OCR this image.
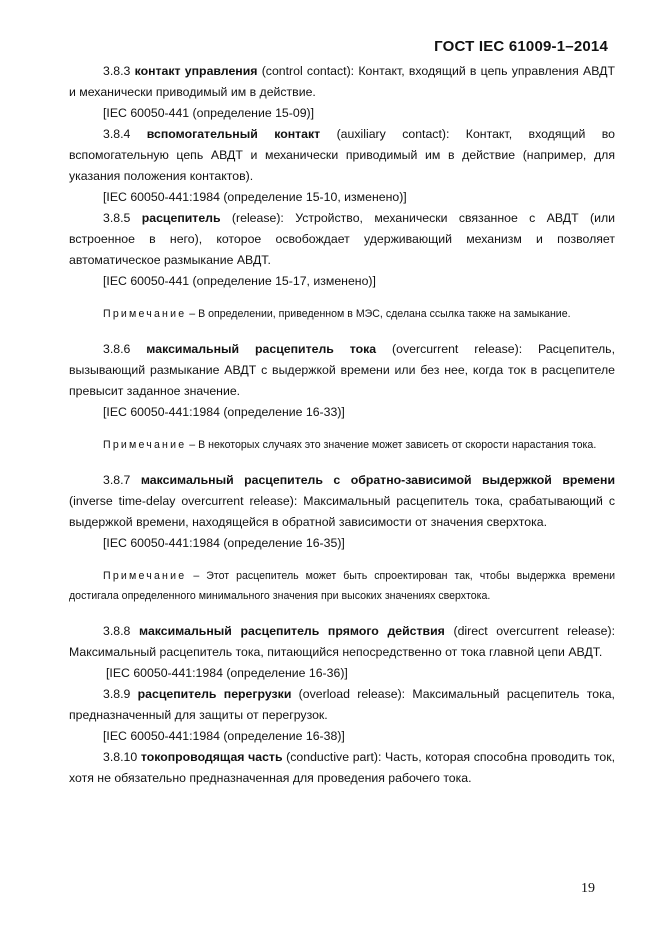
ГОСТ IEC 61009-1–2014

3.8.3 контакт управления (control contact): Контакт, входящий в цепь управления АВДТ и механически приводимый им в действие.

[IEC 60050-441 (определение 15-09)]

3.8.4 вспомогательный контакт (auxiliary contact): Контакт, входящий во вспомогательную цепь АВДТ и механически приводимый им в действие (например, для указания положения контактов).

[IEC 60050-441:1984 (определение 15-10, изменено)]

3.8.5 расцепитель (release): Устройство, механически связанное с АВДТ (или встроенное в него), которое освобождает удерживающий механизм и позволяет автоматическое размыкание АВДТ.

[IEC 60050-441 (определение 15-17, изменено)]

Примечание – В определении, приведенном в МЭС, сделана ссылка также на замыкание.

3.8.6 максимальный расцепитель тока (overcurrent release): Расцепитель, вызывающий размыкание АВДТ с выдержкой времени или без нее, когда ток в расцепителе превысит заданное значение.

[IEC 60050-441:1984 (определение 16-33)]

Примечание – В некоторых случаях это значение может зависеть от скорости нарастания тока.

3.8.7 максимальный расцепитель с обратно-зависимой выдержкой времени (inverse time-delay overcurrent release): Максимальный расцепитель тока, срабатывающий с выдержкой времени, находящейся в обратной зависимости от значения сверхтока.

[IEC 60050-441:1984 (определение 16-35)]

Примечание – Этот расцепитель может быть спроектирован так, чтобы выдержка времени достигала определенного минимального значения при высоких значениях сверхтока.

3.8.8 максимальный расцепитель прямого действия (direct overcurrent release): Максимальный расцепитель тока, питающийся непосредственно от тока главной цепи АВДТ.

[IEC 60050-441:1984 (определение 16-36)]

3.8.9 расцепитель перегрузки (overload release): Максимальный расцепитель тока, предназначенный для защиты от перегрузок.

[IEC 60050-441:1984 (определение 16-38)]

3.8.10 токопроводящая часть (conductive part): Часть, которая способна проводить ток, хотя не обязательно предназначенная для проведения рабочего тока.

19
